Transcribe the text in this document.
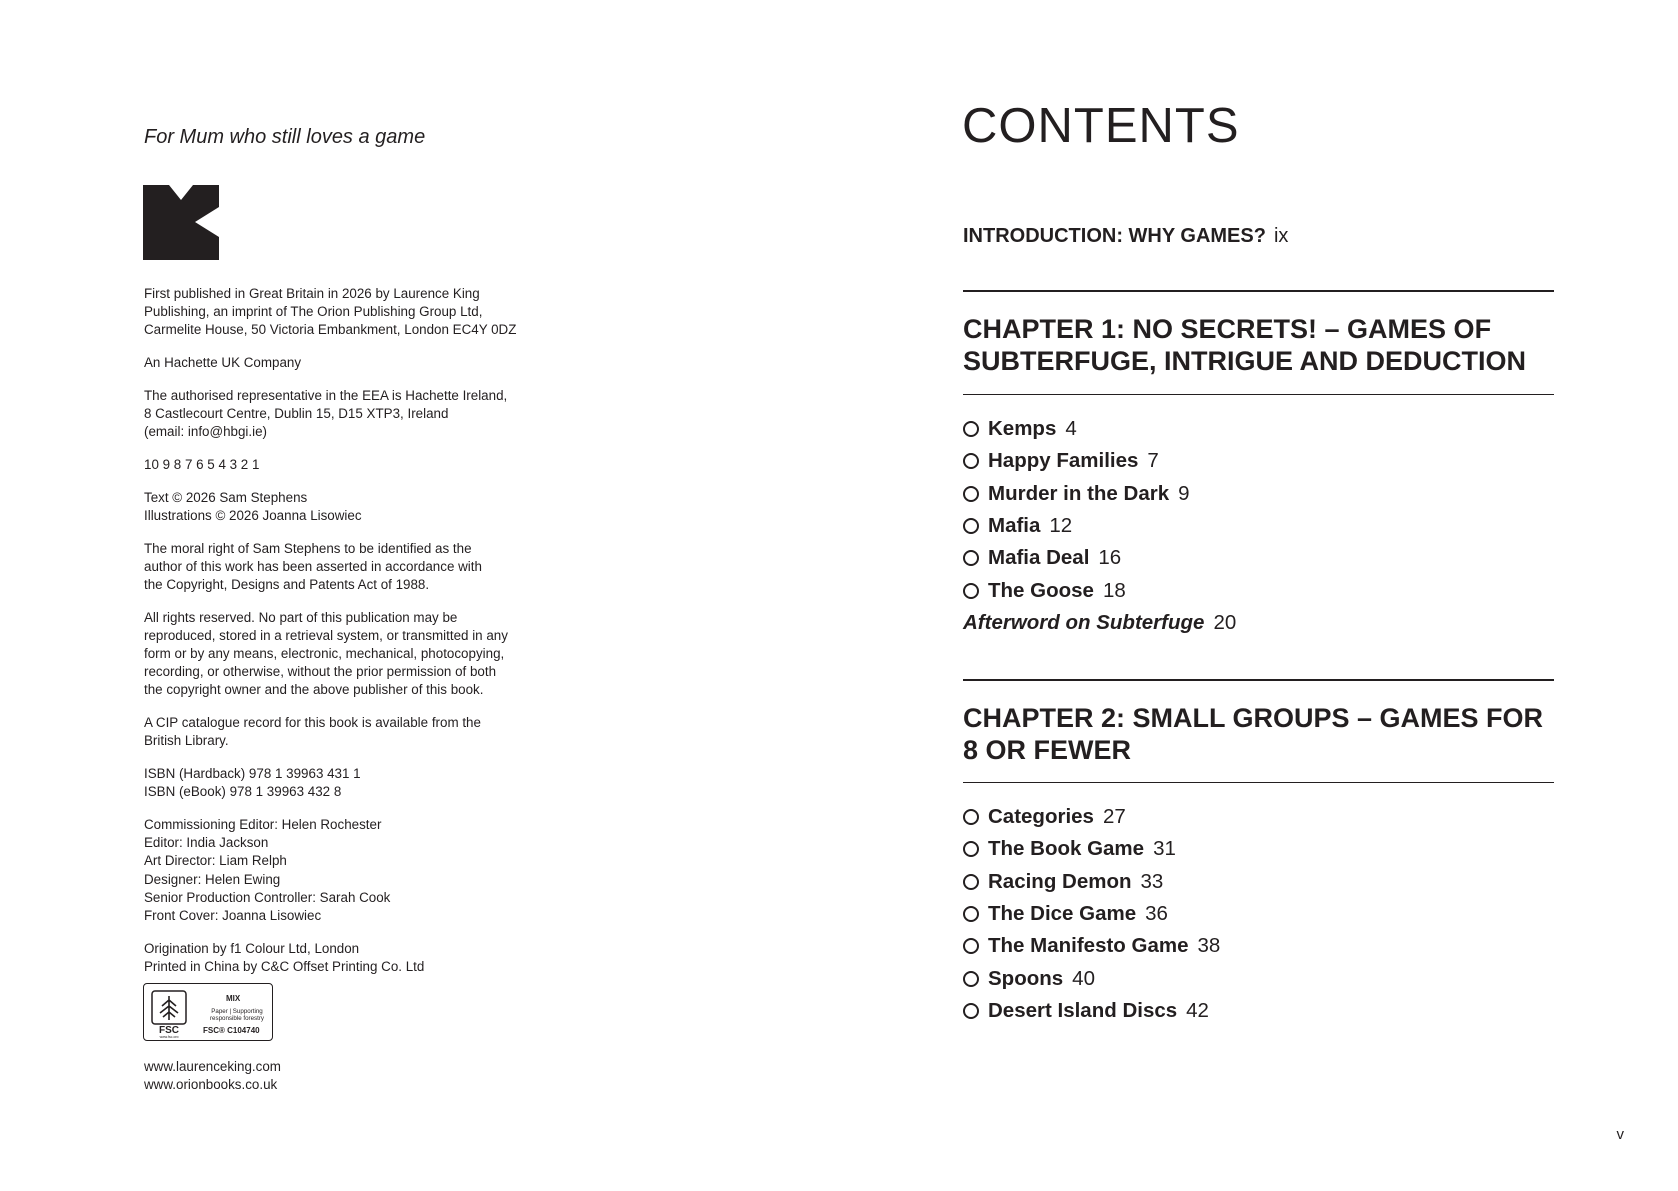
For Mum who still loves a game

First published in Great Britain in 2026 by Laurence King
Publishing, an imprint of The Orion Publishing Group Ltd,
Carmelite House, 50 Victoria Embankment, London EC4Y 0DZ

An Hachette UK Company

The authorised representative in the EEA is Hachette Ireland,
8 Castlecourt Centre, Dublin 15, D15 XTP3, Ireland
(email: info@hbgi.ie)

10 9 8 7 6 5 4 3 2 1

Text © 2026 Sam Stephens
Illustrations © 2026 Joanna Lisowiec

The moral right of Sam Stephens to be identified as the
author of this work has been asserted in accordance with
the Copyright, Designs and Patents Act of 1988.

All rights reserved. No part of this publication may be
reproduced, stored in a retrieval system, or transmitted in any
form or by any means, electronic, mechanical, photocopying,
recording, or otherwise, without the prior permission of both
the copyright owner and the above publisher of this book.

A CIP catalogue record for this book is available from the
British Library.

ISBN (Hardback) 978 1 39963 431 1
ISBN (eBook) 978 1 39963 432 8

Commissioning Editor: Helen Rochester
Editor: India Jackson
Art Director: Liam Relph
Designer: Helen Ewing
Senior Production Controller: Sarah Cook
Front Cover: Joanna Lisowiec

Origination by f1 Colour Ltd, London
Printed in China by C&C Offset Printing Co. Ltd

FSC
www.fsc.org
MIX
Paper | Supporting
responsible forestry
FSC® C104740
www.laurenceking.com
www.orionbooks.co.uk
CONTENTS
INTRODUCTION: WHY GAMES? ix
CHAPTER 1: NO SECRETS! – GAMES OF
SUBTERFUGE, INTRIGUE AND DEDUCTION
Kemps 4
Happy Families 7
Murder in the Dark 9
Mafia 12
Mafia Deal 16
The Goose 18
Afterword on Subterfuge 20
CHAPTER 2: SMALL GROUPS – GAMES FOR
8 OR FEWER
Categories 27
The Book Game 31
Racing Demon 33
The Dice Game 36
The Manifesto Game 38
Spoons 40
Desert Island Discs 42
v
